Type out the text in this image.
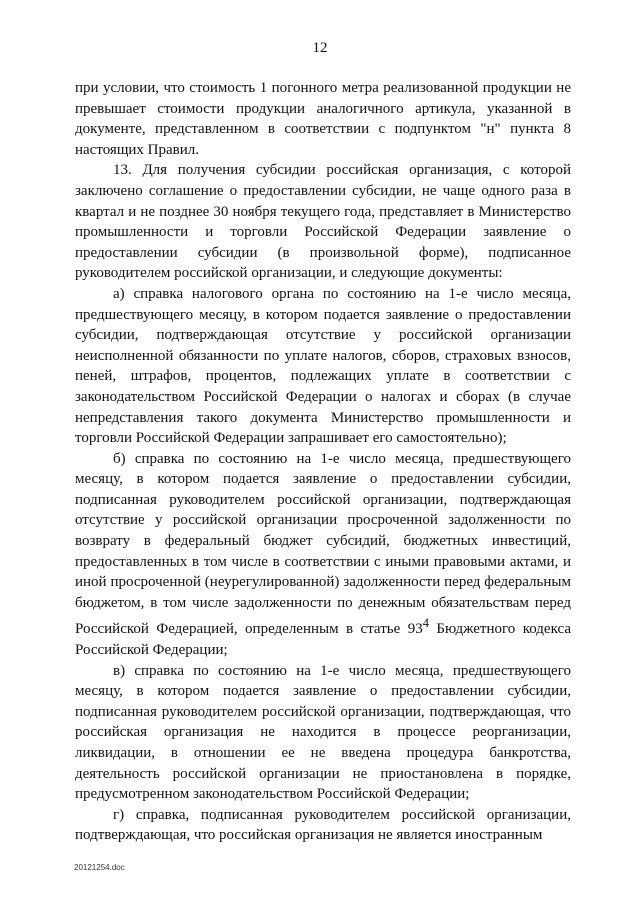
12

при условии, что стоимость 1 погонного метра реализованной продукции не превышает стоимости продукции аналогичного артикула, указанной в документе, представленном в соответствии с подпунктом "н" пункта 8 настоящих Правил.

13. Для получения субсидии российская организация, с которой заключено соглашение о предоставлении субсидии, не чаще одного раза в квартал и не позднее 30 ноября текущего года, представляет в Министерство промышленности и торговли Российской Федерации заявление о предоставлении субсидии (в произвольной форме), подписанное руководителем российской организации, и следующие документы:

а) справка налогового органа по состоянию на 1-е число месяца, предшествующего месяцу, в котором подается заявление о предоставлении субсидии, подтверждающая отсутствие у российской организации неисполненной обязанности по уплате налогов, сборов, страховых взносов, пеней, штрафов, процентов, подлежащих уплате в соответствии с законодательством Российской Федерации о налогах и сборах (в случае непредставления такого документа Министерство промышленности и торговли Российской Федерации запрашивает его самостоятельно);

б) справка по состоянию на 1-е число месяца, предшествующего месяцу, в котором подается заявление о предоставлении субсидии, подписанная руководителем российской организации, подтверждающая отсутствие у российской организации просроченной задолженности по возврату в федеральный бюджет субсидий, бюджетных инвестиций, предоставленных в том числе в соответствии с иными правовыми актами, и иной просроченной (неурегулированной) задолженности перед федеральным бюджетом, в том числе задолженности по денежным обязательствам перед Российской Федерацией, определенным в статье $93^4$ Бюджетного кодекса Российской Федерации;

в) справка по состоянию на 1-е число месяца, предшествующего месяцу, в котором подается заявление о предоставлении субсидии, подписанная руководителем российской организации, подтверждающая, что российская организация не находится в процессе реорганизации, ликвидации, в отношении ее не введена процедура банкротства, деятельность российской организации не приостановлена в порядке, предусмотренном законодательством Российской Федерации;

г) справка, подписанная руководителем российской организации, подтверждающая, что российская организация не является иностранным

20121254.doc
